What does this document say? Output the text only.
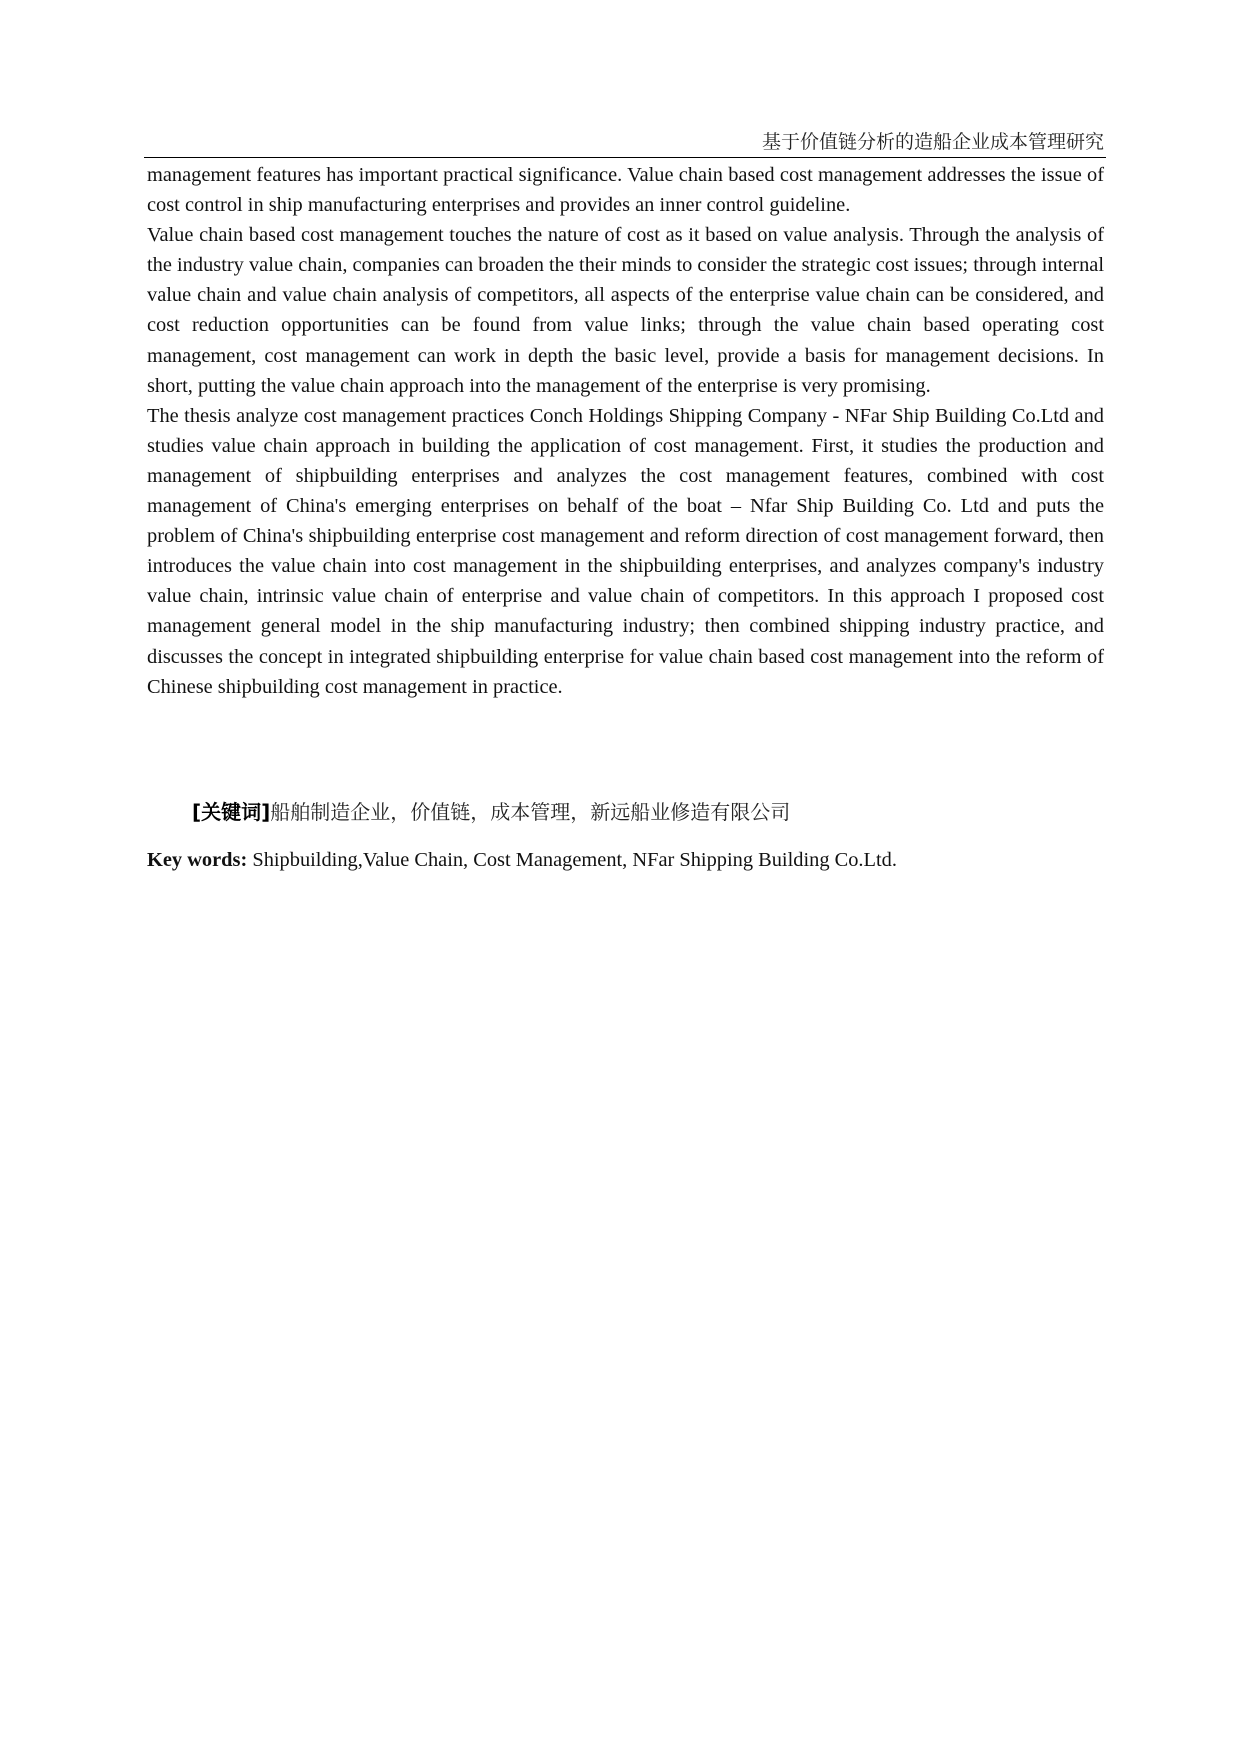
基于价值链分析的造船企业成本管理研究

management features has important practical significance. Value chain based cost management addresses the issue of cost control in ship manufacturing enterprises and provides an inner control guideline.

Value chain based cost management touches the nature of cost as it based on value analysis. Through the analysis of the industry value chain, companies can broaden the their minds to consider the strategic cost issues; through internal value chain and value chain analysis of competitors, all aspects of the enterprise value chain can be considered, and cost reduction opportunities can be found from value links; through the value chain based operating cost management, cost management can work in depth the basic level, provide a basis for management decisions. In short, putting the value chain approach into the management of the enterprise is very promising.

The thesis analyze cost management practices Conch Holdings Shipping Company - NFar Ship Building Co.Ltd and studies value chain approach in building the application of cost management. First, it studies the production and management of shipbuilding enterprises and analyzes the cost management features, combined with cost management of China's emerging enterprises on behalf of the boat – Nfar Ship Building Co. Ltd and puts the problem of China's shipbuilding enterprise cost management and reform direction of cost management forward, then introduces the value chain into cost management in the shipbuilding enterprises, and analyzes company's industry value chain, intrinsic value chain of enterprise and value chain of competitors. In this approach I proposed cost management general model in the ship manufacturing industry; then combined shipping industry practice, and discusses the concept in integrated shipbuilding enterprise for value chain based cost management into the reform of Chinese shipbuilding cost management in practice.

[关键词]船舶制造企业，价值链，成本管理，新远船业修造有限公司
Key words: Shipbuilding,Value Chain, Cost Management, NFar Shipping Building Co.Ltd.
